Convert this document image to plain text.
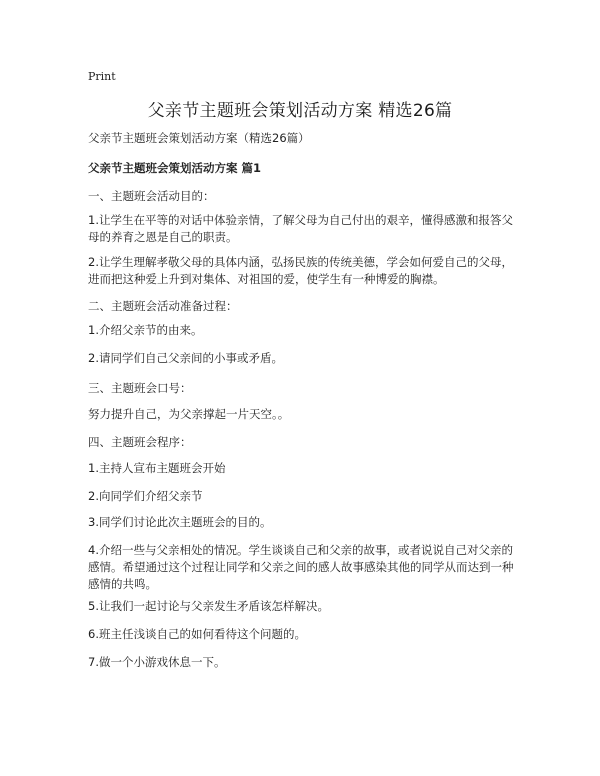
Print
父亲节主题班会策划活动方案 精选26篇
父亲节主题班会策划活动方案（精选26篇）
父亲节主题班会策划活动方案 篇1
一、主题班会活动目的：
1.让学生在平等的对话中体验亲情，了解父母为自己付出的艰辛，懂得感激和报答父母的养育之恩是自己的职责。
2.让学生理解孝敬父母的具体内涵，弘扬民族的传统美德，学会如何爱自己的父母，进而把这种爱上升到对集体、对祖国的爱，使学生有一种博爱的胸襟。
二、主题班会活动准备过程：
1.介绍父亲节的由来。
2.请同学们自己父亲间的小事或矛盾。
三、主题班会口号：
努力提升自己，为父亲撑起一片天空。。
四、主题班会程序：
1.主持人宣布主题班会开始
2.向同学们介绍父亲节
3.同学们讨论此次主题班会的目的。
4.介绍一些与父亲相处的情况。学生谈谈自己和父亲的故事，或者说说自己对父亲的感情。希望通过这个过程让同学和父亲之间的感人故事感染其他的同学从而达到一种感情的共鸣。
5.让我们一起讨论与父亲发生矛盾该怎样解决。
6.班主任浅谈自己的如何看待这个问题的。
7.做一个小游戏休息一下。
